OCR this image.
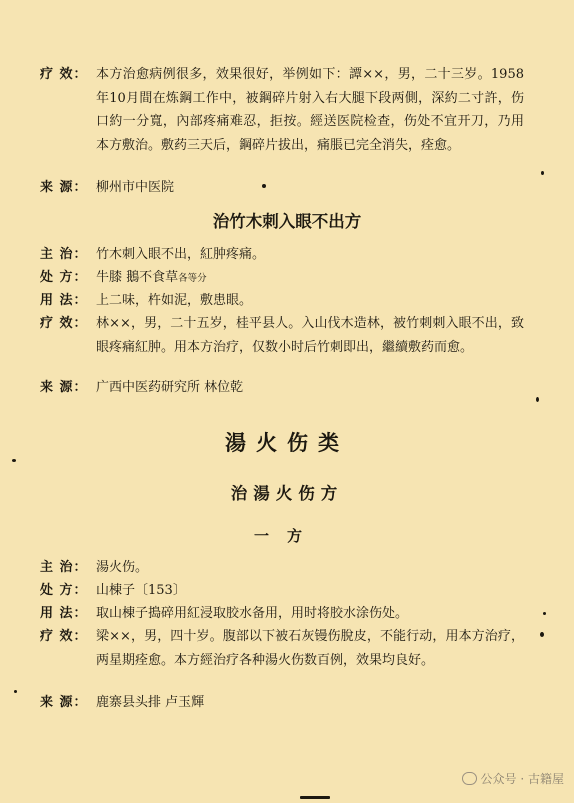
疗 效： 本方治愈病例很多，效果很好，举例如下：譚××，男，二十三岁。1958年10月間在炼鋼工作中，被鋼碎片射入右大腿下段两側，深約二寸許，伤口約一分寬，內部疼痛难忍，拒按。經送医院检查，伤处不宜开刀，乃用本方敷治。敷药三天后，鋼碎片拔出，痛脹已完全消失，痊愈。
来 源： 柳州市中医院
治竹木刺入眼不出方
主 治： 竹木刺入眼不出，紅肿疼痛。
处 方： 牛膝 鵝不食草各等分
用 法： 上二味，杵如泥，敷患眼。
疗 效： 林××，男，二十五岁，桂平县人。入山伐木造林，被竹刺刺入眼不出，致眼疼痛紅肿。用本方治疗，仅数小时后竹刺即出，繼續敷药而愈。
来 源： 广西中医药研究所 林位乾
湯火伤类
治湯火伤方
一方
主 治： 湯火伤。
处 方： 山棟子〔153〕
用 法： 取山棟子搗碎用紅浸取胶水备用，用时将胶水涂伤处。
疗 效： 梁××，男，四十岁。腹部以下被石灰镘伤脫皮，不能行动，用本方治疗，两星期痊愈。本方經治疗各种湯火伤数百例，效果均良好。
来 源： 鹿寨县头排 卢玉輝
公众号 · 古籍屋
